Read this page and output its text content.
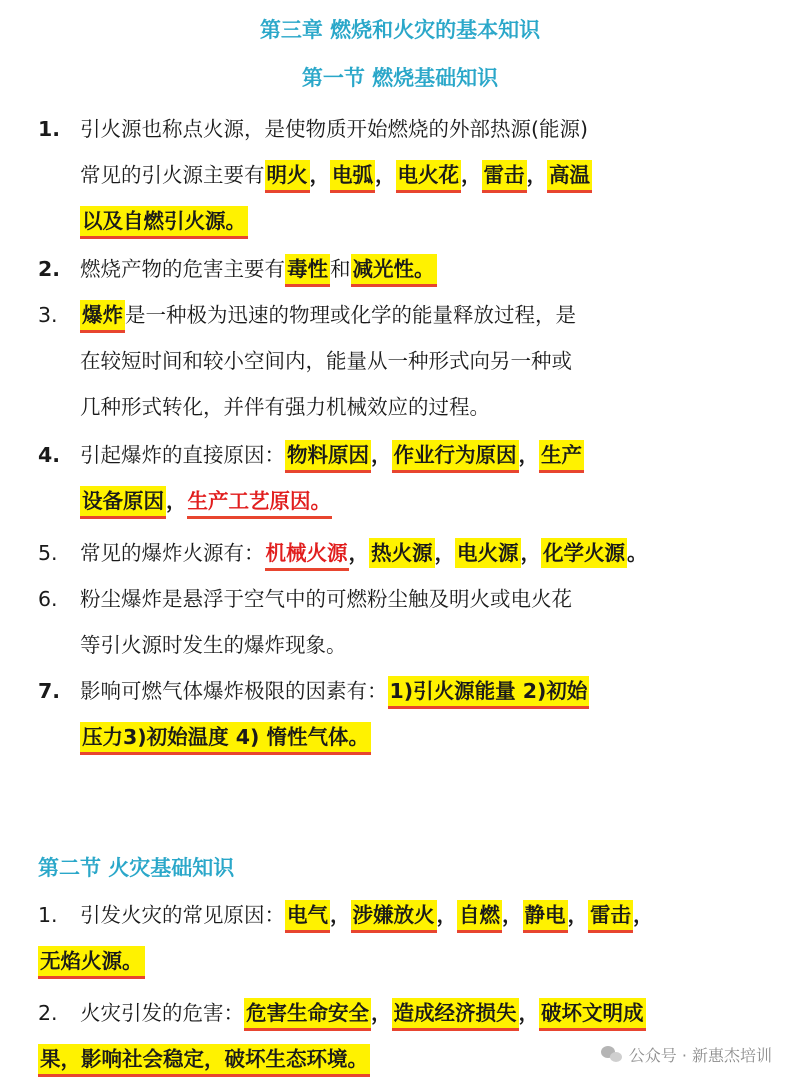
第三章 燃烧和火灾的基本知识
第一节 燃烧基础知识
1. 引火源也称点火源，是使物质开始燃烧的外部热源(能源)
常见的引火源主要有明火，电弧，电火花，雷击，高温
以及自燃引火源。
2. 燃烧产物的危害主要有毒性和减光性。
3. 爆炸是一种极为迅速的物理或化学的能量释放过程，是
在较短时间和较小空间内，能量从一种形式向另一种或
几种形式转化，并伴有强力机械效应的过程。
4. 引起爆炸的直接原因：物料原因，作业行为原因，生产
设备原因，生产工艺原因。
5. 常见的爆炸火源有：机械火源，热火源，电火源，化学火源。
6. 粉尘爆炸是悬浮于空气中的可燃粉尘触及明火或电火花
等引火源时发生的爆炸现象。
7. 影响可燃气体爆炸极限的因素有：1)引火源能量 2)初始
压力3)初始温度 4) 惰性气体。
第二节 火灾基础知识
1. 引发火灾的常见原因：电气，涉嫌放火，自燃，静电，雷击，
无焰火源。
2. 火灾引发的危害：危害生命安全，造成经济损失，破坏文明成
果，影响社会稳定，破坏生态环境。	公众号 · 新惠杰培训
